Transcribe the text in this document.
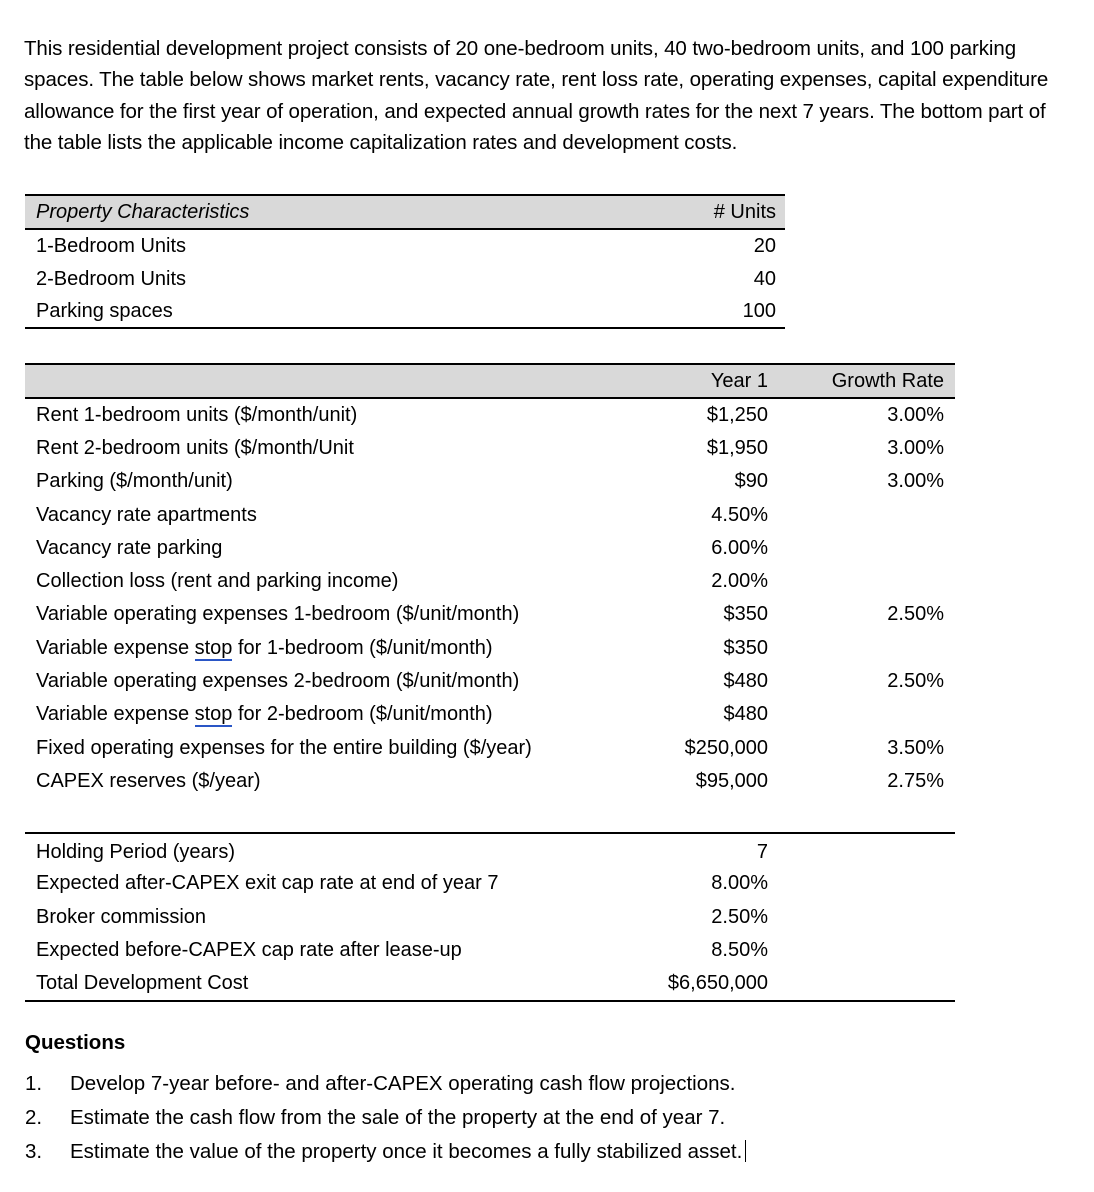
This residential development project consists of 20 one-bedroom units, 40 two-bedroom units, and 100 parking spaces. The table below shows market rents, vacancy rate, rent loss rate, operating expenses, capital expenditure allowance for the first year of operation, and expected annual growth rates for the next 7 years. The bottom part of the table lists the applicable income capitalization rates and development costs.

Property Characteristics	# Units
1-Bedroom Units	20
2-Bedroom Units	40
Parking spaces	100
	Year 1	Growth Rate
Rent 1-bedroom units ($/month/unit)	$1,250	3.00%
Rent 2-bedroom units ($/month/Unit	$1,950	3.00%
Parking ($/month/unit)	$90	3.00%
Vacancy rate apartments	4.50%	
Vacancy rate parking	6.00%	
Collection loss (rent and parking income)	2.00%	
Variable operating expenses 1-bedroom ($/unit/month)	$350	2.50%
Variable expense stop for 1-bedroom ($/unit/month)	$350	
Variable operating expenses 2-bedroom ($/unit/month)	$480	2.50%
Variable expense stop for 2-bedroom ($/unit/month)	$480	
Fixed operating expenses for the entire building ($/year)	$250,000	3.50%
CAPEX reserves ($/year)	$95,000	2.75%
Holding Period (years)	7	
Expected after-CAPEX exit cap rate at end of year 7	8.00%	
Broker commission	2.50%	
Expected before-CAPEX cap rate after lease-up	8.50%	
Total Development Cost	$6,650,000	
Questions
1.	Develop 7-year before- and after-CAPEX operating cash flow projections.
2.	Estimate the cash flow from the sale of the property at the end of year 7.
3.	Estimate the value of the property once it becomes a fully stabilized asset.
